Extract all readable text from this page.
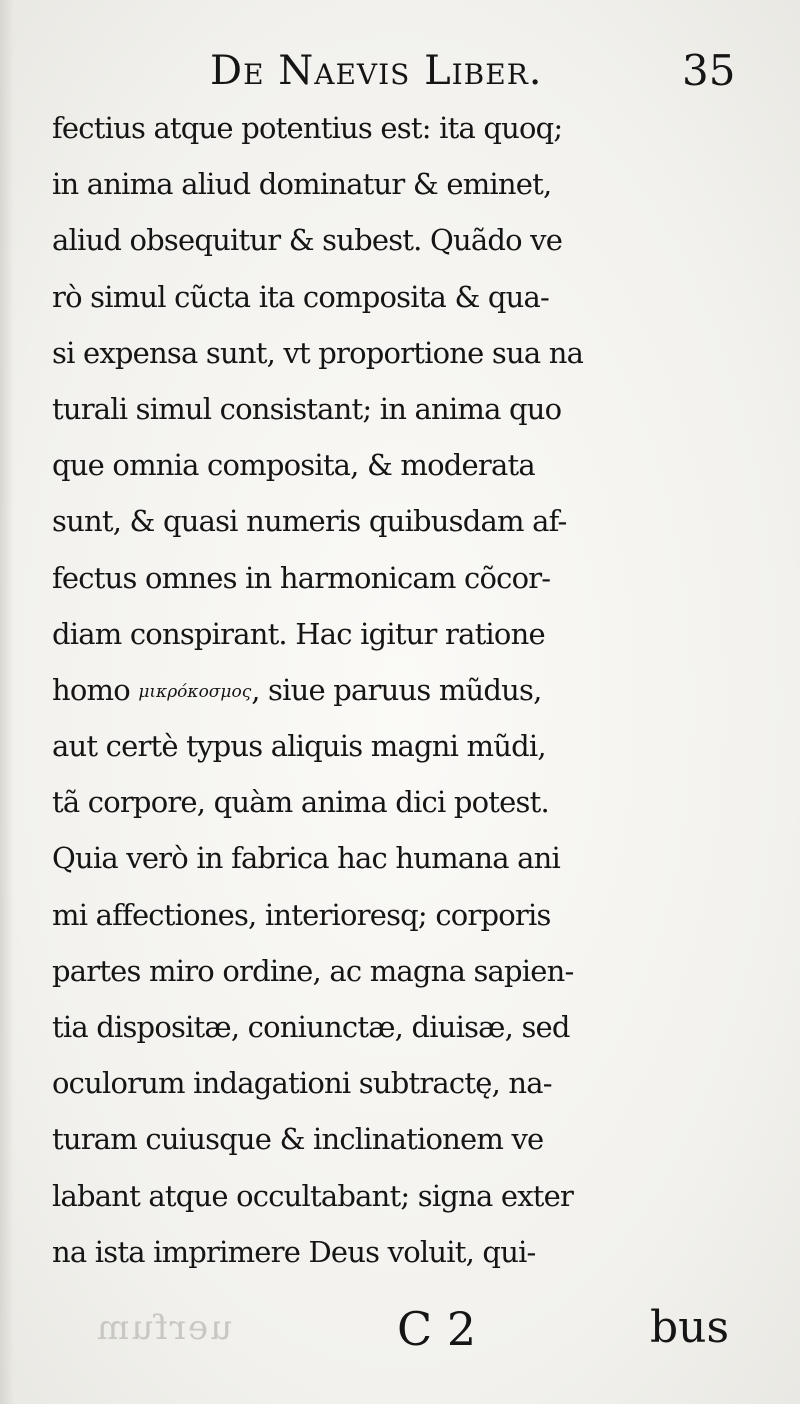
De Naevis Liber.	35
fectius atque potentius est: ita quoq;
in anima aliud dominatur & eminet,
aliud obsequitur & subest. Quãdo ve
rò simul cũcta ita composita & qua-
si expensa sunt, vt proportione sua na
turali simul consistant; in anima quo
que omnia composita, & moderata
sunt, & quasi numeris quibusdam af-
fectus omnes in harmonicam cõcor-
diam conspirant. Hac igitur ratione
homo μικρόκοσμος, siue paruus mũdus,
aut certè typus aliquis magni mũdi,
tã corpore, quàm anima dici potest.
Quia verò in fabrica hac humana ani
mi affectiones, interioresq; corporis
partes miro ordine, ac magna sapien-
tia dispositæ, coniunctæ, diuisæ, sed
oculorum indagationi subtractę, na-
turam cuiusque & inclinationem ve
labant atque occultabant; signa exter
na ista imprimere Deus voluit, qui-
uerfum	C 2	bus
